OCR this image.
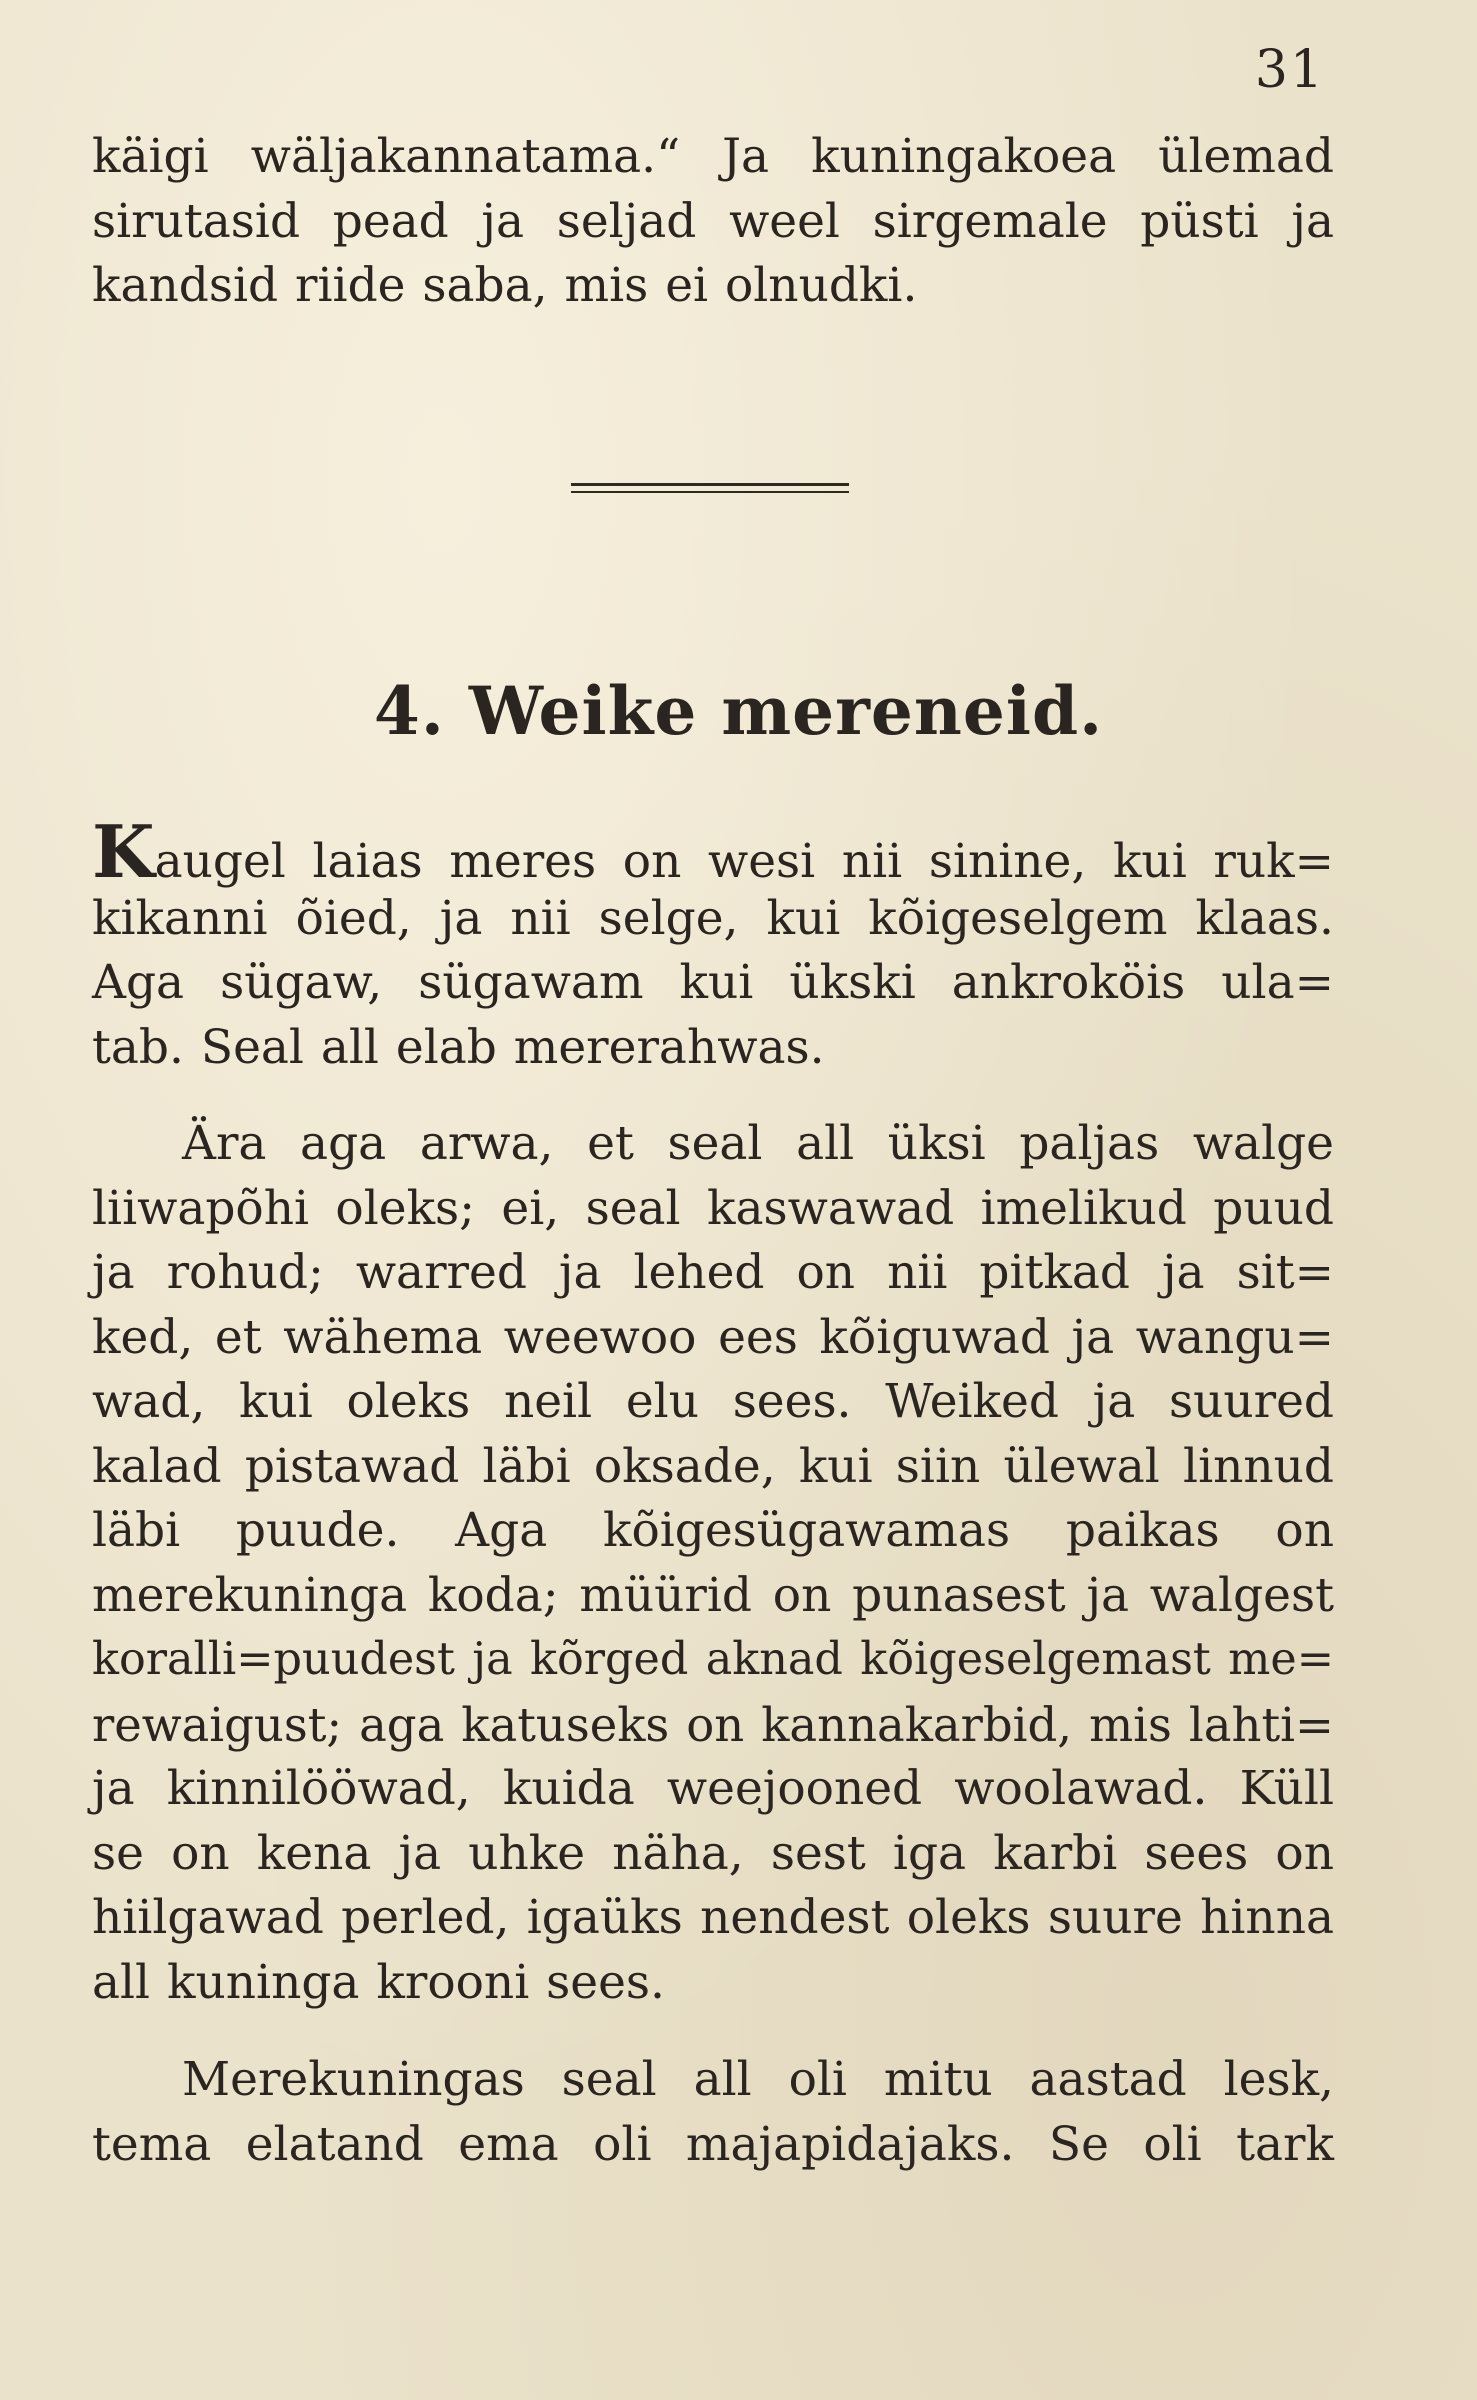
31
käigi wäljakannatama.“ Ja kuningakoea ülemad
sirutasid pead ja seljad weel sirgemale püsti ja
kandsid riide saba, mis ei olnudki.
4. Weike mereneid.
Kaugel laias meres on wesi nii sinine, kui ruk=
kikanni õied, ja nii selge, kui kõigeselgem klaas.
Aga sügaw, sügawam kui ükski ankroköis ula=
tab. Seal all elab mererahwas.
Ära aga arwa, et seal all üksi paljas walge
liiwapõhi oleks; ei, seal kaswawad imelikud puud
ja rohud; warred ja lehed on nii pitkad ja sit=
ked, et wähema weewoo ees kõiguwad ja wangu=
wad, kui oleks neil elu sees. Weiked ja suured
kalad pistawad läbi oksade, kui siin ülewal linnud
läbi puude. Aga kõigesügawamas paikas on
merekuninga koda; müürid on punasest ja walgest
koralli=puudest ja kõrged aknad kõigeselgemast me=
rewaigust; aga katuseks on kannakarbid, mis lahti=
ja kinnilööwad, kuida weejooned woolawad. Küll
se on kena ja uhke näha, sest iga karbi sees on
hiilgawad perled, igaüks nendest oleks suure hinna
all kuninga krooni sees.
Merekuningas seal all oli mitu aastad lesk,
tema elatand ema oli majapidajaks. Se oli tark
